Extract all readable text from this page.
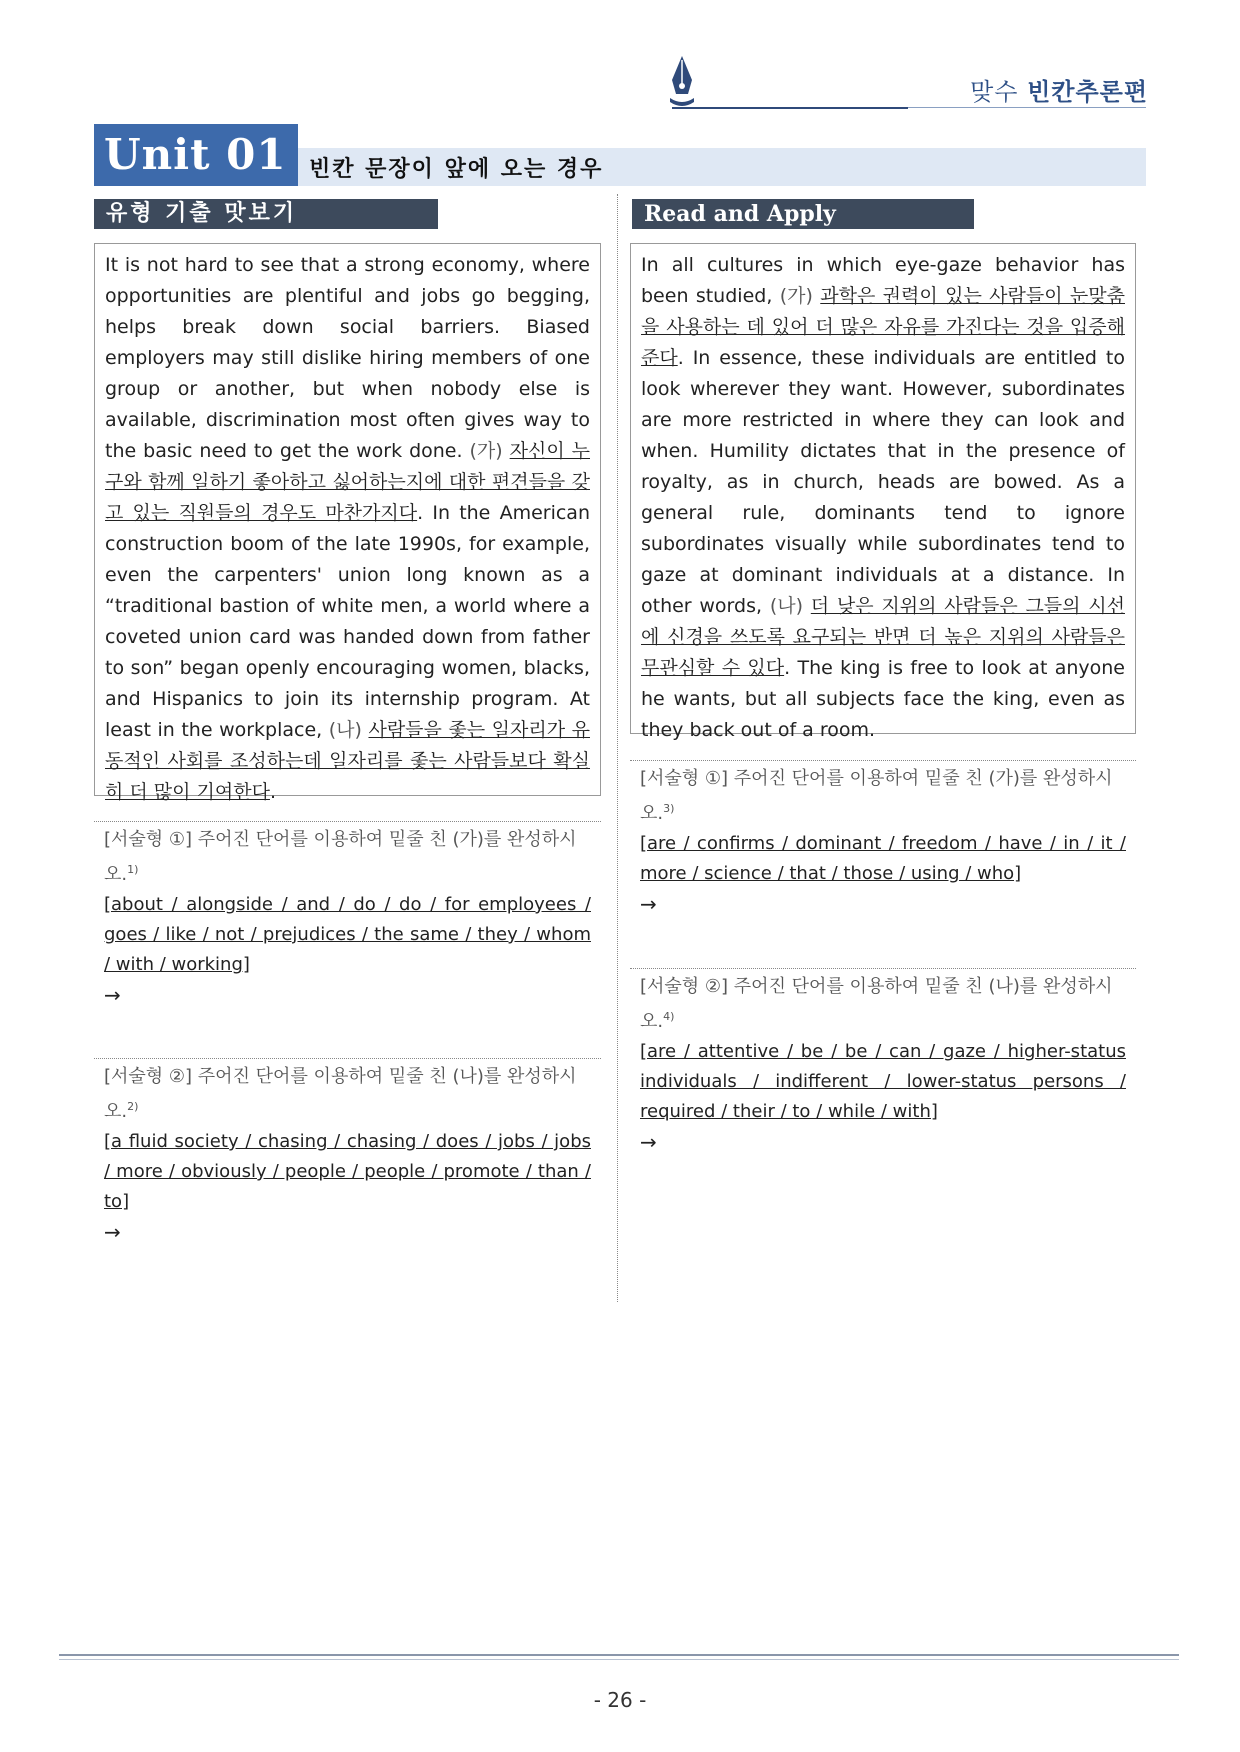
맞수 빈칸추론편
Unit 01	빈칸 문장이 앞에 오는 경우
유형 기출 맛보기
It is not hard to see that a strong economy, where opportunities are plentiful and jobs go begging, helps break down social barriers. Biased employers may still dislike hiring members of one group or another, but when nobody else is available, discrimination most often gives way to the basic need to get the work done. (가) 자신이 누구와 함께 일하기 좋아하고 싫어하는지에 대한 편견들을 갖고 있는 직원들의 경우도 마찬가지다. In the American construction boom of the late 1990s, for example, even the carpenters' union long known as a “traditional bastion of white men, a world where a coveted union card was handed down from father to son” began openly encouraging women, blacks, and Hispanics to join its internship program. At least in the workplace, (나) 사람들을 좇는 일자리가 유동적인 사회를 조성하는데 일자리를 좇는 사람들보다 확실히 더 많이 기여한다.
[서술형 ①] 주어진 단어를 이용하여 밑줄 친 (가)를 완성하시오.$^{1)}$
[about / alongside / and / do / do / for employees / goes / like / not / prejudices / the same / they / whom / with / working]
→
[서술형 ②] 주어진 단어를 이용하여 밑줄 친 (나)를 완성하시오.$^{2)}$
[a fluid society / chasing / chasing / does / jobs / jobs / more / obviously / people / people / promote / than / to]
→
Read and Apply
In all cultures in which eye-gaze behavior has been studied, (가) 과학은 권력이 있는 사람들이 눈맞춤을 사용하는 데 있어 더 많은 자유를 가진다는 것을 입증해준다. In essence, these individuals are entitled to look wherever they want. However, subordinates are more restricted in where they can look and when. Humility dictates that in the presence of royalty, as in church, heads are bowed. As a general rule, dominants tend to ignore subordinates visually while subordinates tend to gaze at dominant individuals at a distance. In other words, (나) 더 낮은 지위의 사람들은 그들의 시선에 신경을 쓰도록 요구되는 반면 더 높은 지위의 사람들은 무관심할 수 있다. The king is free to look at anyone he wants, but all subjects face the king, even as they back out of a room.
[서술형 ①] 주어진 단어를 이용하여 밑줄 친 (가)를 완성하시오.$^{3)}$
[are / confirms / dominant / freedom / have / in / it / more / science / that / those / using / who]
→
[서술형 ②] 주어진 단어를 이용하여 밑줄 친 (나)를 완성하시오.$^{4)}$
[are / attentive / be / be / can / gaze / higher-status individuals / indifferent / lower-status persons / required / their / to / while / with]
→
- 26 -
